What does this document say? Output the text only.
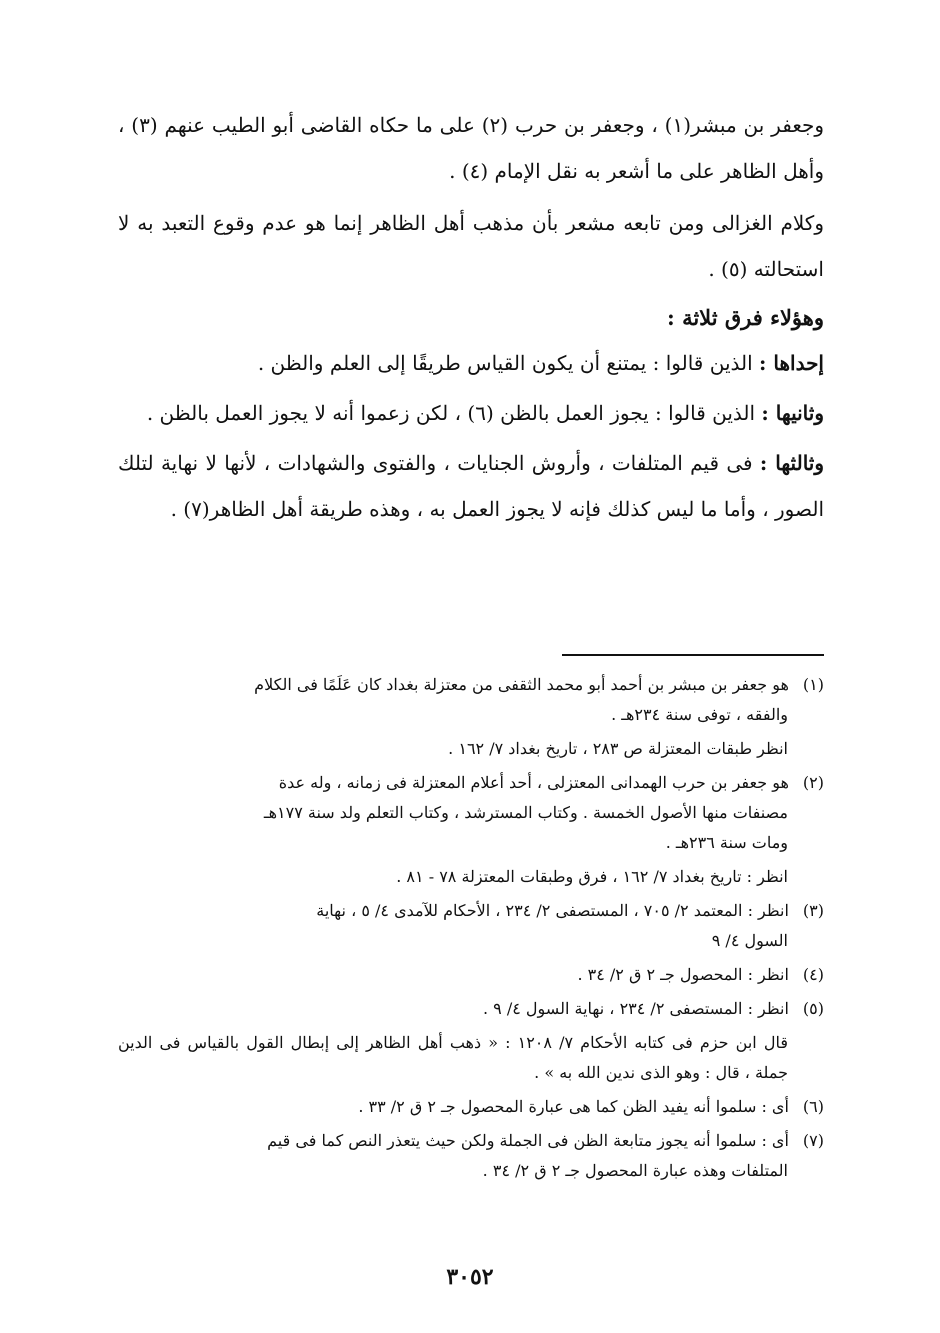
وجعفر بن مبشر(١) ، وجعفر بن حرب (٢) على ما حكاه القاضى أبو الطيب عنهم (٣) ، وأهل الظاهر على ما أشعر به نقل الإمام (٤) .

وكلام الغزالى ومن تابعه مشعر بأن مذهب أهل الظاهر إنما هو عدم وقوع التعبد به لا استحالته (٥) .

وهؤلاء فرق ثلاثة :

إحداها : الذين قالوا : يمتنع أن يكون القياس طريقًا إلى العلم والظن .

وثانيها : الذين قالوا : يجوز العمل بالظن (٦) ، لكن زعموا أنه لا يجوز العمل بالظن .

وثالثها : فى قيم المتلفات ، وأروش الجنايات ، والفتوى والشهادات ، لأنها لا نهاية لتلك الصور ، وأما ما ليس كذلك فإنه لا يجوز العمل به ، وهذه طريقة أهل الظاهر(٧) .

(١) هو جعفر بن مبشر بن أحمد أبو محمد الثقفى من معتزلة بغداد كان عَلَمًا فى الكلام
والفقه ، توفى سنة ٢٣٤هـ .
انظر طبقات المعتزلة ص ٢٨٣ ، تاريخ بغداد ٧/ ١٦٢ .
(٢) هو جعفر بن حرب الهمدانى المعتزلى ، أحد أعلام المعتزلة فى زمانه ، وله عدة
مصنفات منها الأصول الخمسة . وكتاب المسترشد ، وكتاب التعلم ولد سنة ١٧٧هـ
ومات سنة ٢٣٦هـ .
انظر : تاريخ بغداد ٧/ ١٦٢ ، فرق وطبقات المعتزلة ٧٨ - ٨١ .
(٣) انظر : المعتمد ٢/ ٧٠٥ ، المستصفى ٢/ ٢٣٤ ، الأحكام للآمدى ٤/ ٥ ، نهاية
السول ٤/ ٩
(٤) انظر : المحصول جـ ٢ ق ٢/ ٣٤ .
(٥) انظر : المستصفى ٢/ ٢٣٤ ، نهاية السول ٤/ ٩ .
قال ابن حزم فى كتابه الأحكام ٧/ ١٢٠٨ : « ذهب أهل الظاهر إلى إبطال القول بالقياس فى الدين جملة ، قال : وهو الذى ندين الله به » .
(٦) أى : سلموا أنه يفيد الظن كما هى عبارة المحصول جـ ٢ ق ٢/ ٣٣ .
(٧) أى : سلموا أنه يجوز متابعة الظن فى الجملة ولكن حيث يتعذر النص كما فى قيم
المتلفات وهذه عبارة المحصول جـ ٢ ق ٢/ ٣٤ .
٣٠٥٢
